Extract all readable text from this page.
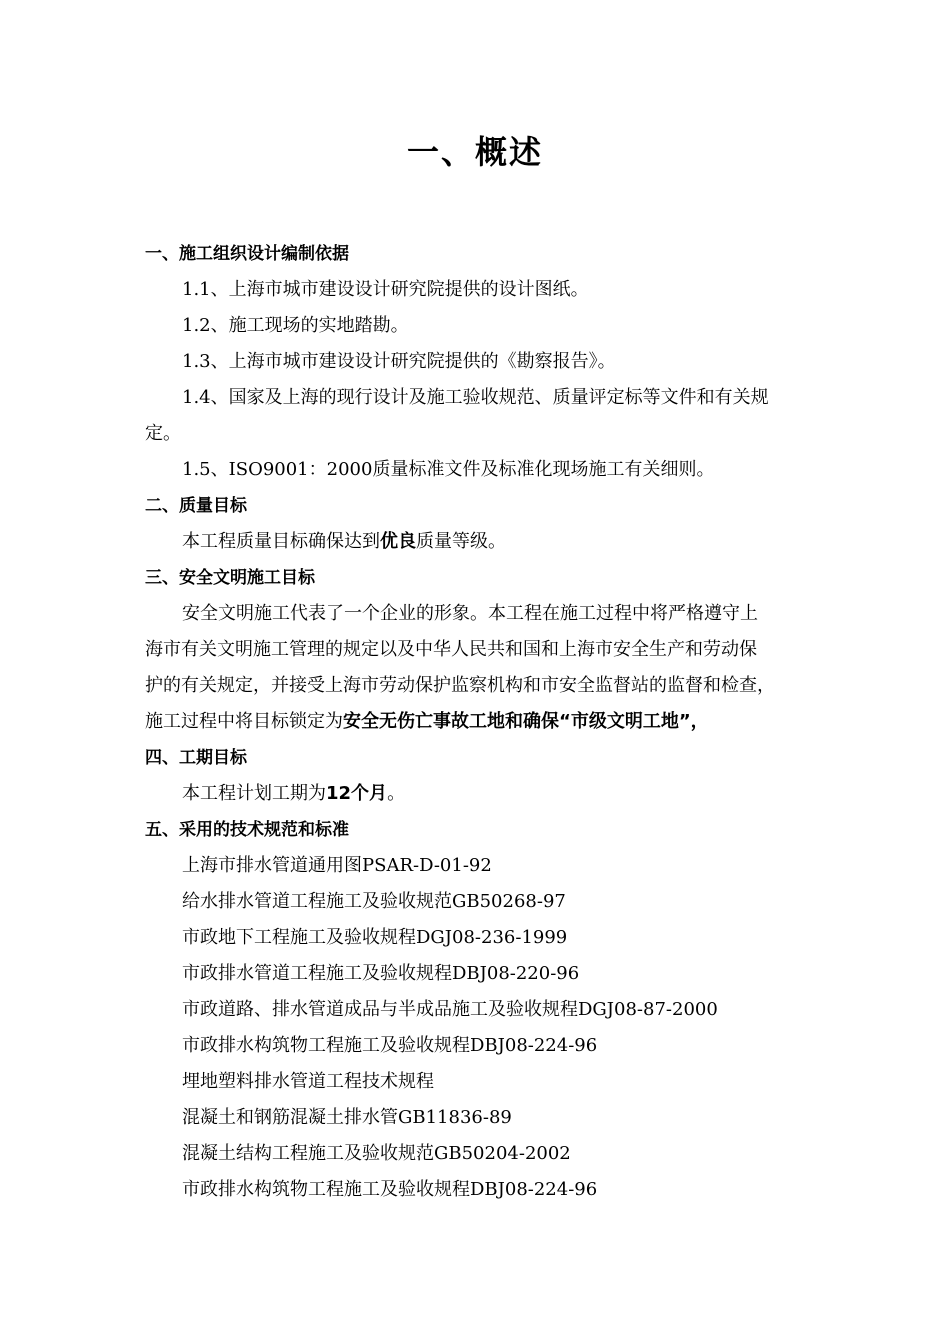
一、概述
一、施工组织设计编制依据
1.1、上海市城市建设设计研究院提供的设计图纸。
1.2、施工现场的实地踏勘。
1.3、上海市城市建设设计研究院提供的《勘察报告》。
1.4、国家及上海的现行设计及施工验收规范、质量评定标等文件和有关规
定。
1.5、ISO9001：2000质量标准文件及标准化现场施工有关细则。
二、质量目标
本工程质量目标确保达到优良质量等级。
三、安全文明施工目标
安全文明施工代表了一个企业的形象。本工程在施工过程中将严格遵守上
海市有关文明施工管理的规定以及中华人民共和国和上海市安全生产和劳动保
护的有关规定，并接受上海市劳动保护监察机构和市安全监督站的监督和检查，
施工过程中将目标锁定为安全无伤亡事故工地和确保“市级文明工地”，
四、工期目标
本工程计划工期为12个月。
五、采用的技术规范和标准
上海市排水管道通用图PSAR-D-01-92
给水排水管道工程施工及验收规范GB50268-97
市政地下工程施工及验收规程DGJ08-236-1999
市政排水管道工程施工及验收规程DBJ08-220-96
市政道路、排水管道成品与半成品施工及验收规程DGJ08-87-2000
市政排水构筑物工程施工及验收规程DBJ08-224-96
埋地塑料排水管道工程技术规程
混凝土和钢筋混凝土排水管GB11836-89
混凝土结构工程施工及验收规范GB50204-2002
市政排水构筑物工程施工及验收规程DBJ08-224-96
